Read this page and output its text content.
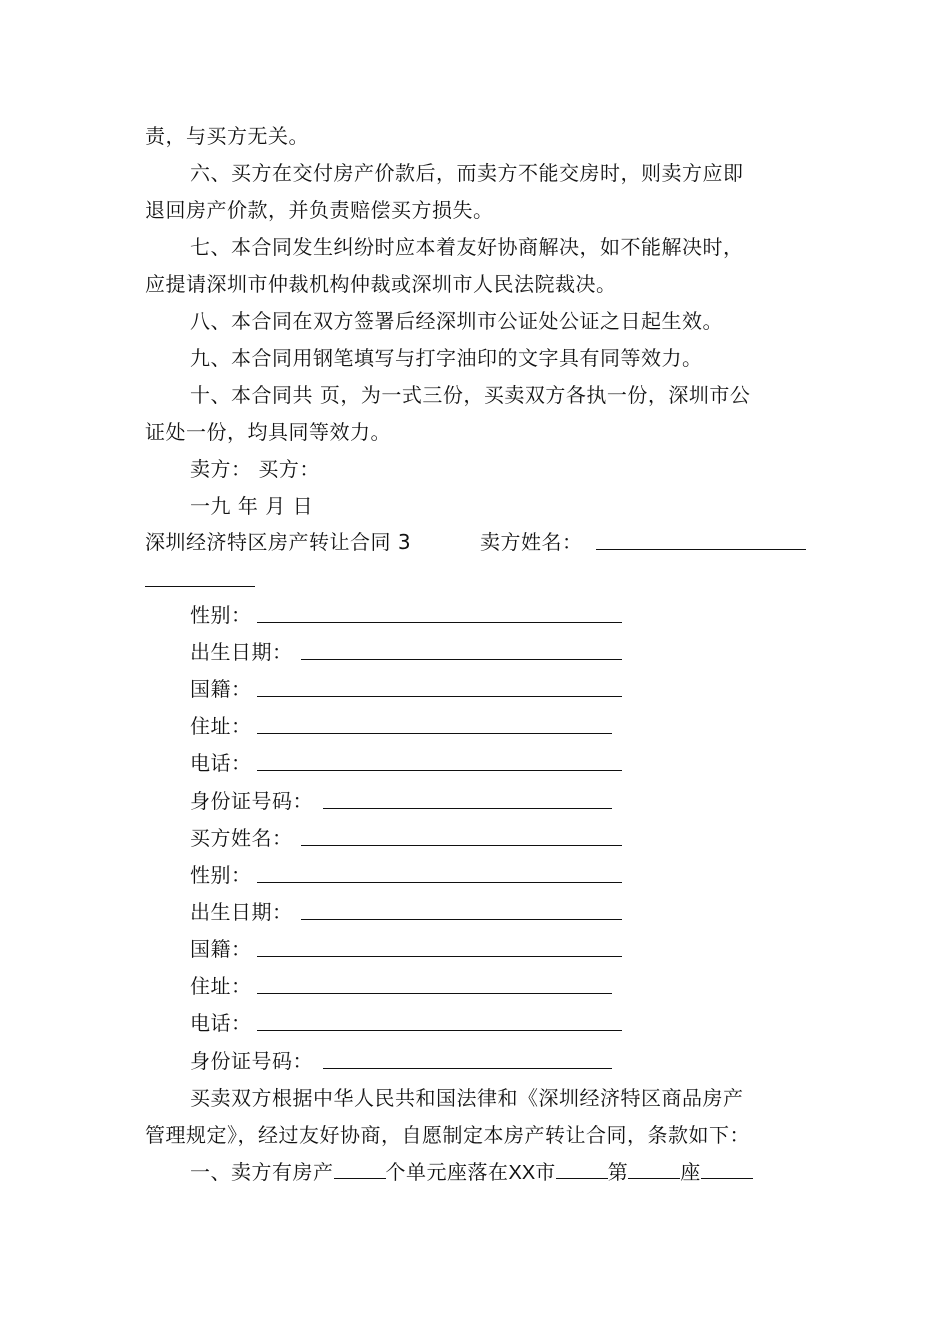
责，与买方无关。
六、买方在交付房产价款后，而卖方不能交房时，则卖方应即
退回房产价款，并负责赔偿买方损失。
七、本合同发生纠纷时应本着友好协商解决，如不能解决时，
应提请深圳市仲裁机构仲裁或深圳市人民法院裁决。
八、本合同在双方签署后经深圳市公证处公证之日起生效。
九、本合同用钢笔填写与打字油印的文字具有同等效力。
十、本合同共 页，为一式三份，买卖双方各执一份，深圳市公
证处一份，均具同等效力。
卖方： 买方：
一九 年 月 日
深圳经济特区房产转让合同 3	卖方姓名：
性别：
出生日期：
国籍：
住址：
电话：
身份证号码：
买方姓名：
性别：
出生日期：
国籍：
住址：
电话：
身份证号码：
买卖双方根据中华人民共和国法律和《深圳经济特区商品房产
管理规定》，经过友好协商，自愿制定本房产转让合同，条款如下：
一、卖方有房产	个单元座落在XX市	第	座
